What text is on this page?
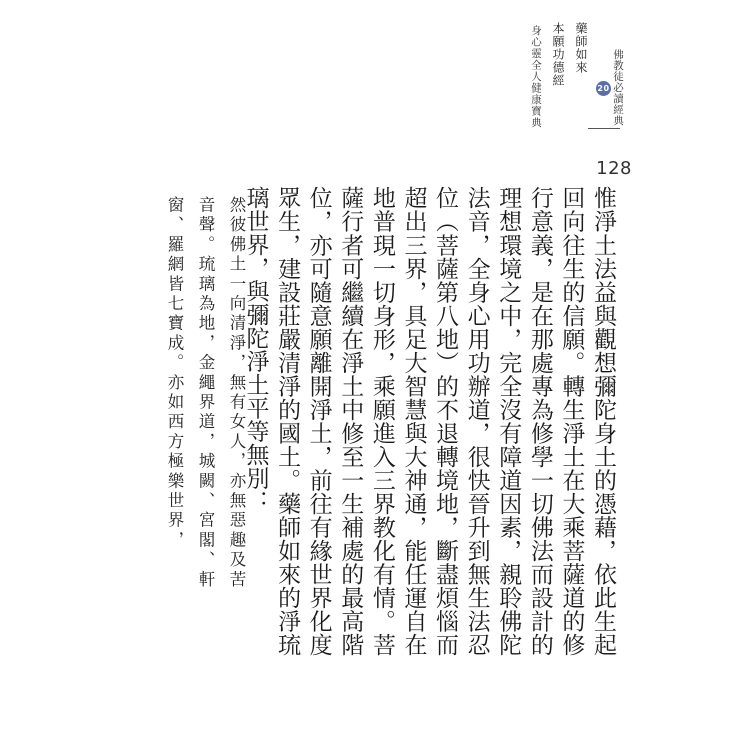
佛教徒必讀經典
20
藥師如來
本願功德經
身心靈全人健康寶典
128
惟淨土法益與觀想彌陀身土的憑藉，依此生起回向往生的信願。轉生淨土在大乘菩薩道的修行意義，是在那處專為修學一切佛法而設計的理想環境之中，完全沒有障道因素，親聆佛陀法音，全身心用功辦道，很快晉升到無生法忍位（菩薩第八地）的不退轉境地，斷盡煩惱而超出三界，具足大智慧與大神通，能任運自在地普現一切身形，乘願進入三界教化有情。菩薩行者可繼續在淨土中修至一生補處的最高階位，亦可隨意願離開淨土，前往有緣世界化度眾生，建設莊嚴清淨的國土。藥師如來的淨琉璃世界，與彌陀淨土平等無別：
然彼佛土一向清淨，無有女人，亦無惡趣及苦音聲。琉璃為地，金繩界道，城闕、宮閣、軒窗、羅網皆七寶成。亦如西方極樂世界，
